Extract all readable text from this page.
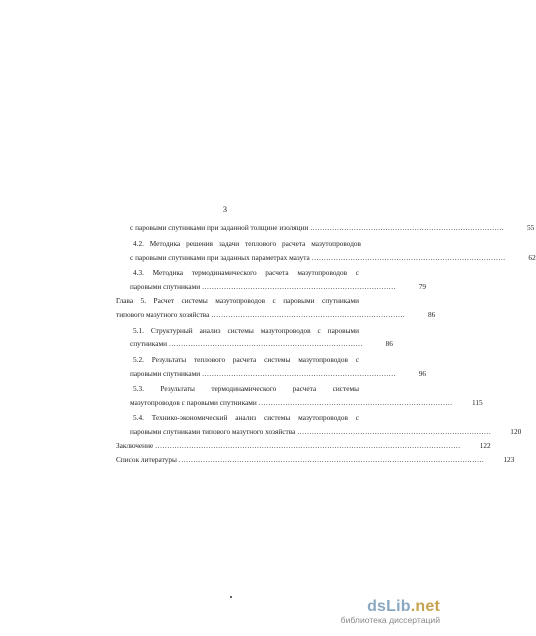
3
с паровыми спутниками при заданной толщине изоляции ................................................................................	55
4.2. Методика решения задачи теплового расчета мазутопроводов
с паровыми спутниками при заданных параметрах мазута ................................................................................	62
4.3. Методика термодинамического расчета мазутопроводов с
паровыми спутниками ................................................................................	79
Глава 5. Расчет системы мазутопроводов с паровыми спутниками
типового мазутного хозяйства ................................................................................	86
5.1. Структурный анализ системы мазутопроводов с паровыми
спутниками ................................................................................	86
5.2. Результаты теплового расчета системы мазутопроводов с
паровыми спутниками ................................................................................	96
5.3. Результаты термодинамического расчета системы
мазутопроводов с паровыми спутниками ................................................................................	115
5.4. Технико-экономический анализ системы мазутопроводов с
паровыми спутниками типового мазутного хозяйства ................................................................................	120
Заключение ..............................................................................................................................	122
Список литературы ..............................................................................................................................	123
dsLib.net
библиотека диссертаций
